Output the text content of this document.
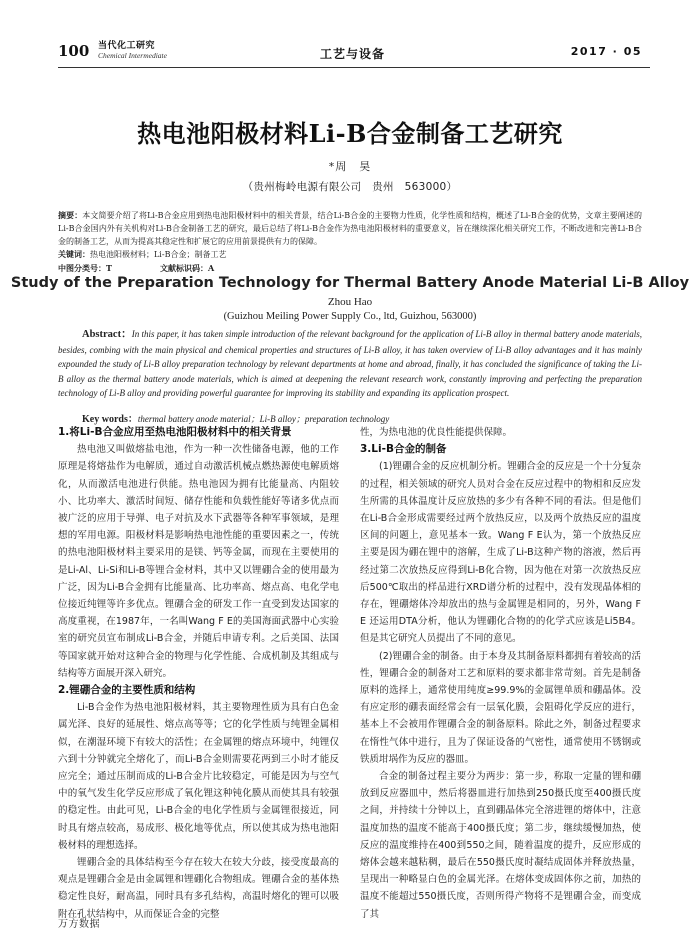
100 当代化工研究
Chemical Intermediate	工艺与设备	2017 · 05
热电池阳极材料Li-B合金制备工艺研究
*周　昊
（贵州梅岭电源有限公司　贵州　563000）
摘要：本文简要介绍了将Li-B合金应用到热电池阳极材料中的相关背景，结合Li-B合金的主要物力性质，化学性质和结构，概述了Li-B合金的优势，文章主要阐述的Li-B合金国内外有关机构对Li-B合金制备工艺的研究，最后总结了将Li-B合金作为热电池阳极材料的重要意义，旨在继续深化相关研究工作，不断改进和完善Li-B合金的制备工艺，从而为提高其稳定性和扩展它的应用前景提供有力的保障。
关键词：热电池阳极材料；Li-B合金；制备工艺
中图分类号：T	文献标识码：A
Study of the Preparation Technology for Thermal Battery Anode Material Li-B Alloy
Zhou Hao
(Guizhou Meiling Power Supply Co., ltd, Guizhou, 563000)
Abstract：In this paper, it has taken simple introduction of the relevant background for the application of Li-B alloy in thermal battery anode materials, besides, combing with the main physical and chemical properties and structures of Li-B alloy, it has taken overview of Li-B alloy advantages and it has mainly expounded the study of Li-B alloy preparation technology by relevant departments at home and abroad, finally, it has concluded the significance of taking the Li-B alloy as the thermal battery anode materials, which is aimed at deepening the relevant research work, constantly improving and perfecting the preparation technology of Li-B alloy and providing powerful guarantee for improving its stability and expanding its application prospect.
Key words：thermal battery anode material；Li-B alloy；preparation technology
1.将Li-B合金应用至热电池阳极材料中的相关背景

热电池又叫做熔盐电池，作为一种一次性储备电源，他的工作原理是将熔盐作为电解质，通过自动激活机械点燃热源使电解质熔化，从而激活电池进行供能。热电池因为拥有比能量高、内阻较小、比功率大、激活时间短、储存性能和负载性能好等诸多优点而被广泛的应用于导弹、电子对抗及水下武器等各种军事领域，是理想的军用电源。阳极材料是影响热电池性能的重要因素之一，传统的热电池阳极材料主要采用的是镁、钙等金属，而现在主要使用的是Li-Al、Li-Si和Li-B等锂合金材料，其中又以锂硼合金的使用最为广泛，因为Li-B合金拥有比能量高、比功率高、熔点高、电化学电位接近纯锂等许多优点。锂硼合金的研发工作一直受到发达国家的高度重视，在1987年，一名叫Wang F E的美国海面武器中心实验室的研究员宣布制成Li-B合金，并随后申请专利。之后美国、法国等国家就开始对这种合金的物理与化学性能、合成机制及其组成与结构等方面展开深入研究。

2.锂硼合金的主要性质和结构

Li-B合金作为热电池阳极材料，其主要物理性质为具有白色金属光泽、良好的延展性、熔点高等等；它的化学性质与纯锂金属相似，在潮湿环境下有较大的活性；在金属锂的熔点环境中，纯锂仅六到十分钟就完全熔化了，而Li-B合金则需要花两到三小时才能反应完全；通过压制而成的Li-B合金片比较稳定，可能是因为与空气中的氧气发生化学反应形成了氧化锂这种钝化膜从而使其具有较强的稳定性。由此可见，Li-B合金的电化学性质与金属锂很接近，同时具有熔点较高，易成形、极化地等优点，所以使其成为热电池阳极材料的理想选择。

锂硼合金的具体结构至今存在较大在较大分歧，接受度最高的观点是锂硼合金是由金属锂和锂硼化合物组成。锂硼合金的基体热稳定性良好，耐高温，同时具有多孔结构，高温时熔化的锂可以吸附在孔状结构中，从而保证合金的完整

性，为热电池的优良性能提供保障。

3.Li-B合金的制备

(1)锂硼合金的反应机制分析。锂硼合金的反应是一个十分复杂的过程，相关领域的研究人员对合金在反应过程中的物相和反应发生所需的具体温度计反应放热的多少有各种不同的看法。但是他们在Li-B合金形成需要经过两个放热反应，以及两个放热反应的温度区间的问题上，意见基本一致。Wang F E认为，第一个放热反应主要是因为硼在锂中的溶解，生成了Li-B这种产物的溶液，然后再经过第二次放热反应得到Li-B化合物，因为他在对第一次放热反应后500℃取出的样品进行XRD谱分析的过程中，没有发现晶体相的存在，锂硼熔体冷却放出的热与金属锂是相同的，另外，Wang F E 还运用DTA分析，他认为锂硼化合物的的化学式应该是Li5B4。但是其它研究人员提出了不同的意见。

(2)锂硼合金的制备。由于本身及其制备原料都拥有着较高的活性，锂硼合金的制备对工艺和原料的要求都非常苛刻。首先是制备原料的选择上，通常使用纯度≥99.9%的金属锂单质和硼晶体。没有应定形的硼表面经常会有一层氧化膜，会阻碍化学反应的进行，基本上不会被用作锂硼合金的制备原料。除此之外，制备过程要求在惰性气体中进行，且为了保证设备的气密性，通常使用不锈钢或铁质坩埚作为反应的器皿。

合金的制备过程主要分为两步：第一步，称取一定量的锂和硼放到反应器皿中，然后将器皿进行加热到250摄氏度至400摄氏度之间，并持续十分钟以上，直到硼晶体完全溶进锂的熔体中，注意温度加热的温度不能高于400摄氏度；第二步，继续缓慢加热，使反应的温度维持在400到550之间，随着温度的提升，反应形成的熔体会越来越粘稠，最后在550摄氏度时凝结成固体并释放热量，呈现出一种略显白色的金属光泽。在熔体变成固体你之前，加热的温度不能超过550摄氏度，否则所得产物将不是锂硼合金，而变成了其

万方数据
